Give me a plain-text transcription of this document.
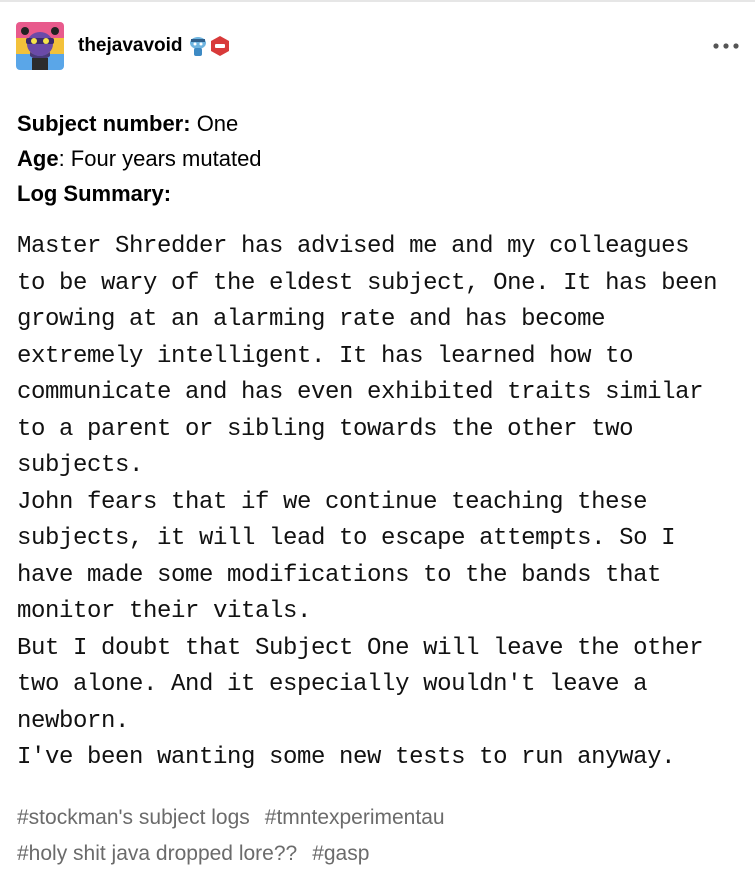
thejavavoid
Subject number: One
Age: Four years mutated
Log Summary:
Master Shredder has advised me and my colleagues
to be wary of the eldest subject, One. It has been
growing at an alarming rate and has become
extremely intelligent. It has learned how to
communicate and has even exhibited traits similar
to a parent or sibling towards the other two
subjects.
John fears that if we continue teaching these
subjects, it will lead to escape attempts. So I
have made some modifications to the bands that
monitor their vitals.
But I doubt that Subject One will leave the other
two alone. And it especially wouldn't leave a
newborn.
I've been wanting some new tests to run anyway.
#stockman's subject logs #tmntexperimentau
#holy shit java dropped lore?? #gasp
